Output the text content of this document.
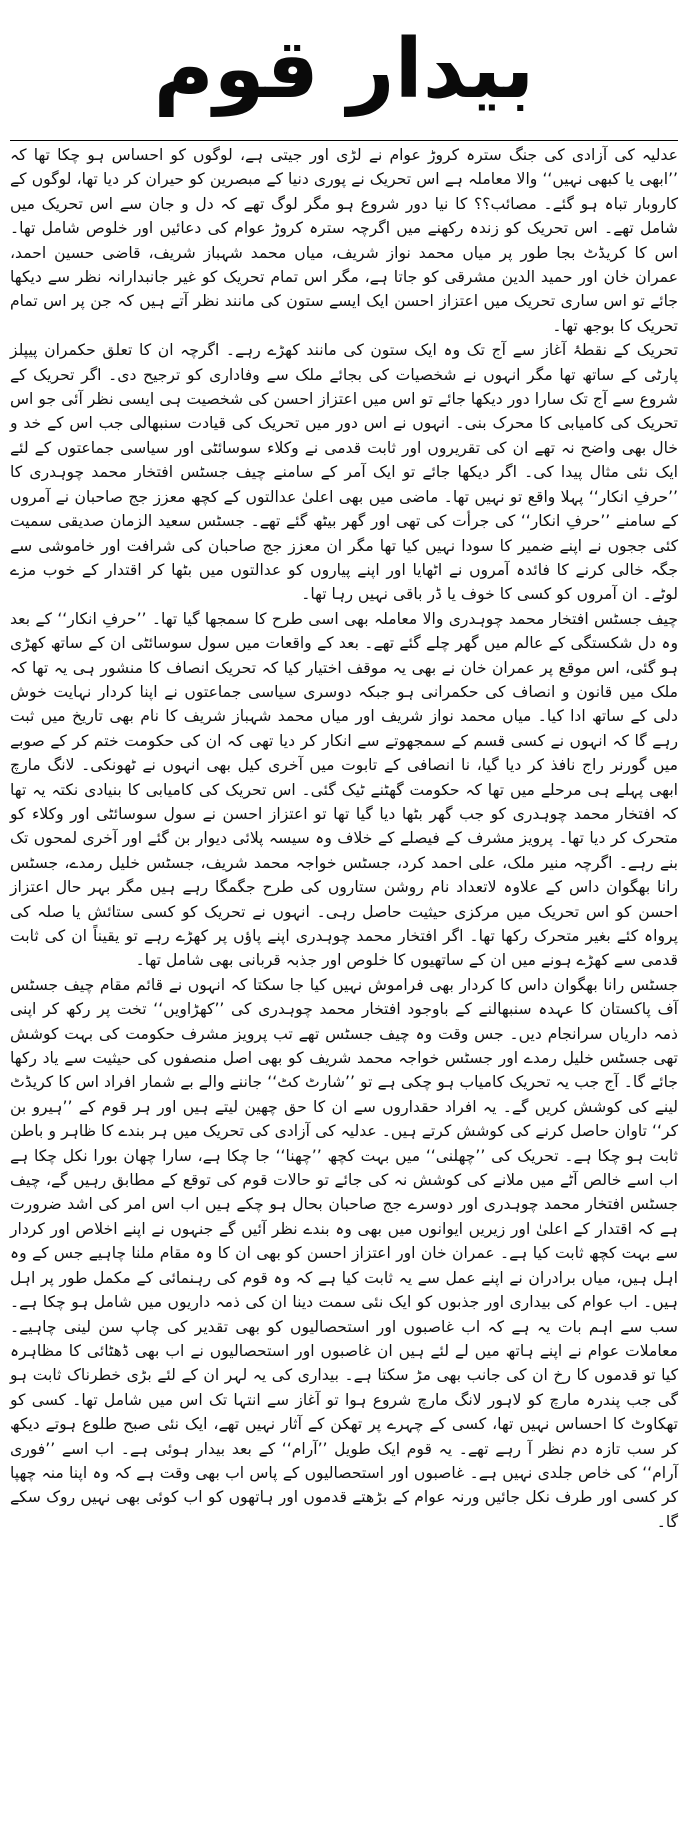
بیدار قوم

عدلیہ کی آزادی کی جنگ سترہ کروڑ عوام نے لڑی اور جیتی ہے، لوگوں کو احساس ہو چکا تھا کہ ’’ابھی یا کبھی نہیں‘‘ والا معاملہ ہے اس تحریک نے پوری دنیا کے مبصرین کو حیران کر دیا تھا، لوگوں کے کاروبار تباہ ہو گئے۔ مصائب؟؟ کا نیا دور شروع ہو مگر لوگ تھے کہ دل و جان سے اس تحریک میں شامل تھے۔ اس تحریک کو زندہ رکھنے میں اگرچہ سترہ کروڑ عوام کی دعائیں اور خلوص شامل تھا۔ اس کا کریڈٹ بجا طور پر میاں محمد نواز شریف، میاں محمد شہباز شریف، قاضی حسین احمد، عمران خان اور حمید الدین مشرقی کو جاتا ہے، مگر اس تمام تحریک کو غیر جانبدارانہ نظر سے دیکھا جائے تو اس ساری تحریک میں اعتزاز احسن ایک ایسے ستون کی مانند نظر آتے ہیں کہ جن پر اس تمام تحریک کا بوجھ تھا۔

تحریک کے نقطۂ آغاز سے آج تک وہ ایک ستون کی مانند کھڑے رہے۔ اگرچہ ان کا تعلق حکمران پیپلز پارٹی کے ساتھ تھا مگر انہوں نے شخصیات کی بجائے ملک سے وفاداری کو ترجیح دی۔ اگر تحریک کے شروع سے آج تک سارا دور دیکھا جائے تو اس میں اعتزاز احسن کی شخصیت ہی ایسی نظر آئی جو اس تحریک کی کامیابی کا محرک بنی۔ انہوں نے اس دور میں تحریک کی قیادت سنبھالی جب اس کے خد و خال بھی واضح نہ تھے ان کی تقریروں اور ثابت قدمی نے وکلاء سوسائٹی اور سیاسی جماعتوں کے لئے ایک نئی مثال پیدا کی۔ اگر دیکھا جائے تو ایک آمر کے سامنے چیف جسٹس افتخار محمد چوہدری کا ’’حرفِ انکار‘‘ پہلا واقع تو نہیں تھا۔ ماضی میں بھی اعلیٰ عدالتوں کے کچھ معزز جج صاحبان نے آمروں کے سامنے ’’حرفِ انکار‘‘ کی جرأت کی تھی اور گھر بیٹھ گئے تھے۔ جسٹس سعید الزمان صدیقی سمیت کئی ججوں نے اپنے ضمیر کا سودا نہیں کیا تھا مگر ان معزز جج صاحبان کی شرافت اور خاموشی سے جگہ خالی کرنے کا فائدہ آمروں نے اٹھایا اور اپنے پیاروں کو عدالتوں میں بٹھا کر اقتدار کے خوب مزے لوٹے۔ ان آمروں کو کسی کا خوف یا ڈر باقی نہیں رہا تھا۔

چیف جسٹس افتخار محمد چوہدری والا معاملہ بھی اسی طرح کا سمجھا گیا تھا۔ ’’حرفِ انکار‘‘ کے بعد وہ دل شکستگی کے عالم میں گھر چلے گئے تھے۔ بعد کے واقعات میں سول سوسائٹی ان کے ساتھ کھڑی ہو گئی، اس موقع پر عمران خان نے بھی یہ موقف اختیار کیا کہ تحریک انصاف کا منشور ہی یہ تھا کہ ملک میں قانون و انصاف کی حکمرانی ہو جبکہ دوسری سیاسی جماعتوں نے اپنا کردار نہایت خوش دلی کے ساتھ ادا کیا۔ میاں محمد نواز شریف اور میاں محمد شہباز شریف کا نام بھی تاریخ میں ثبت رہے گا کہ انہوں نے کسی قسم کے سمجھوتے سے انکار کر دیا تھی کہ ان کی حکومت ختم کر کے صوبے میں گورنر راج نافذ کر دیا گیا، نا انصافی کے تابوت میں آخری کیل بھی انہوں نے ٹھونکی۔ لانگ مارچ ابھی پہلے ہی مرحلے میں تھا کہ حکومت گھٹنے ٹیک گئی۔ اس تحریک کی کامیابی کا بنیادی نکتہ یہ تھا کہ افتخار محمد چوہدری کو جب گھر بٹھا دیا گیا تھا تو اعتزاز احسن نے سول سوسائٹی اور وکلاء کو متحرک کر دیا تھا۔ پرویز مشرف کے فیصلے کے خلاف وہ سیسہ پلائی دیوار بن گئے اور آخری لمحوں تک بنے رہے۔ اگرچہ منیر ملک، علی احمد کرد، جسٹس خواجہ محمد شریف، جسٹس خلیل رمدے، جسٹس رانا بھگوان داس کے علاوہ لاتعداد نام روشن ستاروں کی طرح جگمگا رہے ہیں مگر بہر حال اعتزاز احسن کو اس تحریک میں مرکزی حیثیت حاصل رہی۔ انہوں نے تحریک کو کسی ستائش یا صلہ کی پرواہ کئے بغیر متحرک رکھا تھا۔ اگر افتخار محمد چوہدری اپنے پاؤں پر کھڑے رہے تو یقیناً ان کی ثابت قدمی سے کھڑے ہونے میں ان کے ساتھیوں کا خلوص اور جذبہ قربانی بھی شامل تھا۔

جسٹس رانا بھگوان داس کا کردار بھی فراموش نہیں کیا جا سکتا کہ انہوں نے قائم مقام چیف جسٹس آف پاکستان کا عہدہ سنبھالنے کے باوجود افتخار محمد چوہدری کی ’’کھڑاویں‘‘ تخت پر رکھ کر اپنی ذمہ داریاں سرانجام دیں۔ جس وقت وہ چیف جسٹس تھے تب پرویز مشرف حکومت کی بہت کوشش تھی جسٹس خلیل رمدے اور جسٹس خواجہ محمد شریف کو بھی اصل منصفوں کی حیثیت سے یاد رکھا جائے گا۔ آج جب یہ تحریک کامیاب ہو چکی ہے تو ’’شارٹ کٹ‘‘ جاننے والے بے شمار افراد اس کا کریڈٹ لینے کی کوشش کریں گے۔ یہ افراد حقداروں سے ان کا حق چھین لیتے ہیں اور ہر قوم کے ’’ہیرو بن کر‘‘ تاوان حاصل کرنے کی کوشش کرتے ہیں۔ عدلیہ کی آزادی کی تحریک میں ہر بندے کا ظاہر و باطن ثابت ہو چکا ہے۔ تحریک کی ’’چھلنی‘‘ میں بہت کچھ ’’چھنا‘‘ جا چکا ہے، سارا چھان بورا نکل چکا ہے اب اسے خالص آٹے میں ملانے کی کوشش نہ کی جائے تو حالات قوم کی توقع کے مطابق رہیں گے، چیف جسٹس افتخار محمد چوہدری اور دوسرے جج صاحبان بحال ہو چکے ہیں اب اس امر کی اشد ضرورت ہے کہ اقتدار کے اعلیٰ اور زیریں ایوانوں میں بھی وہ بندے نظر آئیں گے جنہوں نے اپنے اخلاص اور کردار سے بہت کچھ ثابت کیا ہے۔ عمران خان اور اعتزاز احسن کو بھی ان کا وہ مقام ملنا چاہیے جس کے وہ اہل ہیں، میاں برادران نے اپنے عمل سے یہ ثابت کیا ہے کہ وہ قوم کی رہنمائی کے مکمل طور پر اہل ہیں۔ اب عوام کی بیداری اور جذبوں کو ایک نئی سمت دینا ان کی ذمہ داریوں میں شامل ہو چکا ہے۔ سب سے اہم بات یہ ہے کہ اب غاصبوں اور استحصالیوں کو بھی تقدیر کی چاپ سن لینی چاہیے۔ معاملات عوام نے اپنے ہاتھ میں لے لئے ہیں ان غاصبوں اور استحصالیوں نے اب بھی ڈھٹائی کا مظاہرہ کیا تو قدموں کا رخ ان کی جانب بھی مڑ سکتا ہے۔ بیداری کی یہ لہر ان کے لئے بڑی خطرناک ثابت ہو گی جب پندرہ مارچ کو لاہور لانگ مارچ شروع ہوا تو آغاز سے انتہا تک اس میں شامل تھا۔ کسی کو تھکاوٹ کا احساس نہیں تھا، کسی کے چہرے پر تھکن کے آثار نہیں تھے، ایک نئی صبح طلوع ہوتے دیکھ کر سب تازہ دم نظر آ رہے تھے۔ یہ قوم ایک طویل ’’آرام‘‘ کے بعد بیدار ہوئی ہے۔ اب اسے ’’فوری آرام‘‘ کی خاص جلدی نہیں ہے۔ غاصبوں اور استحصالیوں کے پاس اب بھی وقت ہے کہ وہ اپنا منہ چھپا کر کسی اور طرف نکل جائیں ورنہ عوام کے بڑھتے قدموں اور ہاتھوں کو اب کوئی بھی نہیں روک سکے گا۔
